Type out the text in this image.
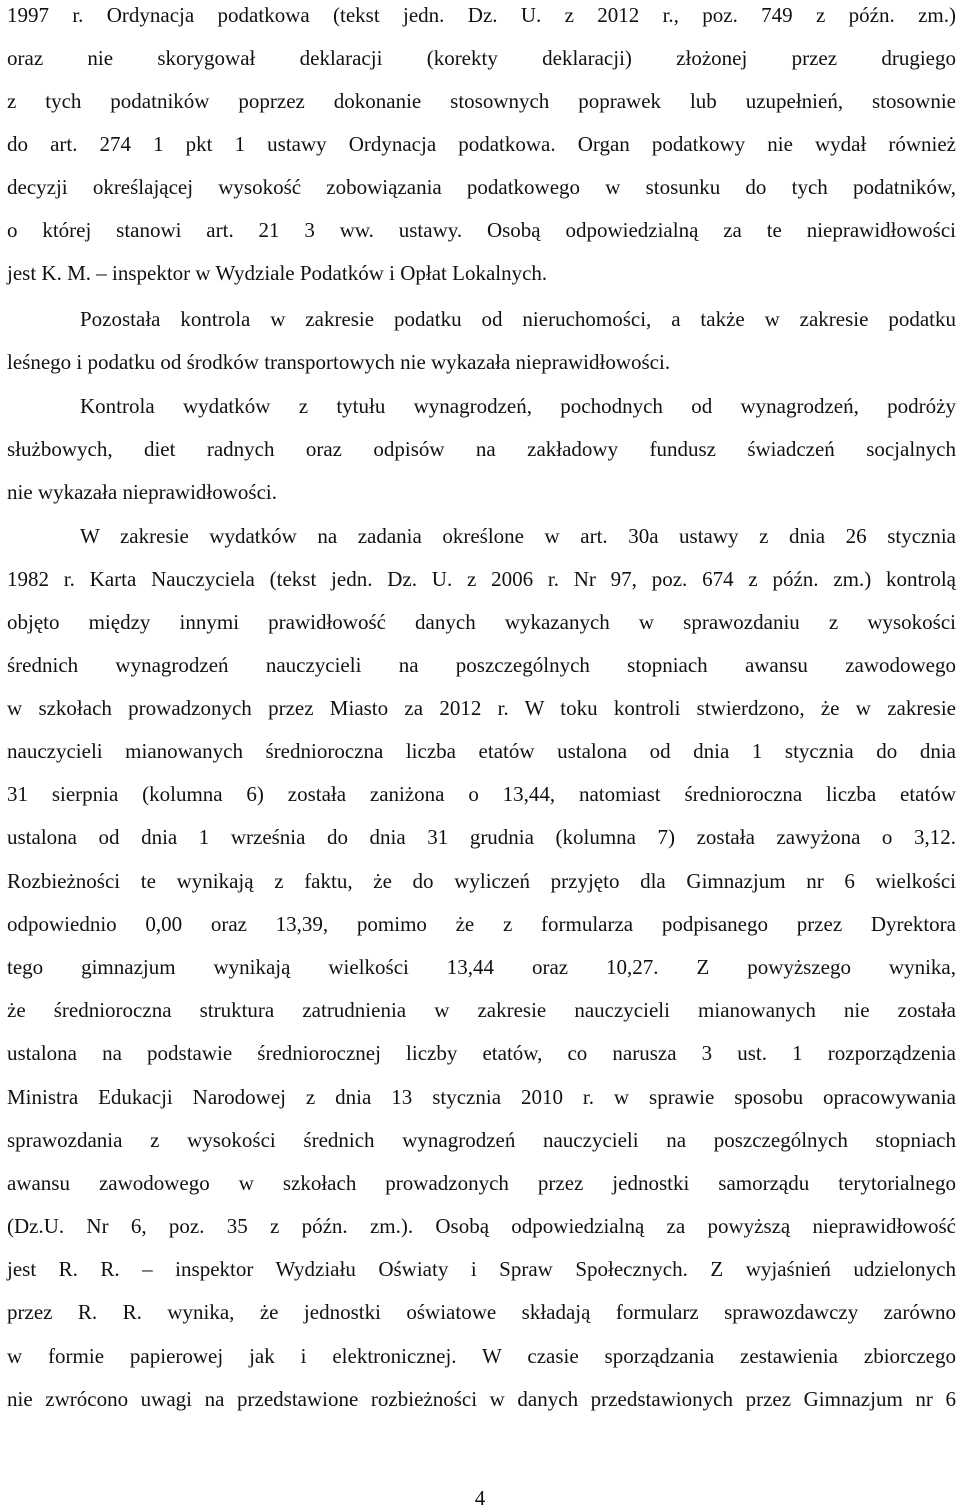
1997 r. Ordynacja podatkowa (tekst jedn. Dz. U. z 2012 r., poz. 749 z późn. zm.)
oraz nie skorygował deklaracji (korekty deklaracji) złożonej przez drugiego
z tych podatników poprzez dokonanie stosownych poprawek lub uzupełnień, stosownie
do art. 274 1 pkt 1 ustawy Ordynacja podatkowa. Organ podatkowy nie wydał również
decyzji określającej wysokość zobowiązania podatkowego w stosunku do tych podatników,
o której stanowi art. 21 3 ww. ustawy. Osobą odpowiedzialną za te nieprawidłowości
jest K. M. – inspektor w Wydziale Podatków i Opłat Lokalnych.
Pozostała kontrola w zakresie podatku od nieruchomości, a także w zakresie podatku
leśnego i podatku od środków transportowych nie wykazała nieprawidłowości.
Kontrola wydatków z tytułu wynagrodzeń, pochodnych od wynagrodzeń, podróży
służbowych, diet radnych oraz odpisów na zakładowy fundusz świadczeń socjalnych
nie wykazała nieprawidłowości.
W zakresie wydatków na zadania określone w art. 30a ustawy z dnia 26 stycznia
1982 r. Karta Nauczyciela (tekst jedn. Dz. U. z 2006 r. Nr 97, poz. 674 z późn. zm.) kontrolą
objęto między innymi prawidłowość danych wykazanych w sprawozdaniu z wysokości
średnich wynagrodzeń nauczycieli na poszczególnych stopniach awansu zawodowego
w szkołach prowadzonych przez Miasto za 2012 r. W toku kontroli stwierdzono, że w zakresie
nauczycieli mianowanych średnioroczna liczba etatów ustalona od dnia 1 stycznia do dnia
31 sierpnia (kolumna 6) została zaniżona o 13,44, natomiast średnioroczna liczba etatów
ustalona od dnia 1 września do dnia 31 grudnia (kolumna 7) została zawyżona o 3,12.
Rozbieżności te wynikają z faktu, że do wyliczeń przyjęto dla Gimnazjum nr 6 wielkości
odpowiednio 0,00 oraz 13,39, pomimo że z formularza podpisanego przez Dyrektora
tego gimnazjum wynikają wielkości 13,44 oraz 10,27. Z powyższego wynika,
że średnioroczna struktura zatrudnienia w zakresie nauczycieli mianowanych nie została
ustalona na podstawie średniorocznej liczby etatów, co narusza 3 ust. 1 rozporządzenia
Ministra Edukacji Narodowej z dnia 13 stycznia 2010 r. w sprawie sposobu opracowywania
sprawozdania z wysokości średnich wynagrodzeń nauczycieli na poszczególnych stopniach
awansu zawodowego w szkołach prowadzonych przez jednostki samorządu terytorialnego
(Dz.U. Nr 6, poz. 35 z późn. zm.). Osobą odpowiedzialną za powyższą nieprawidłowość
jest R. R. – inspektor Wydziału Oświaty i Spraw Społecznych. Z wyjaśnień udzielonych
przez R. R. wynika, że jednostki oświatowe składają formularz sprawozdawczy zarówno
w formie papierowej jak i elektronicznej. W czasie sporządzania zestawienia zbiorczego
nie zwrócono uwagi na przedstawione rozbieżności w danych przedstawionych przez Gimnazjum nr 6
4
